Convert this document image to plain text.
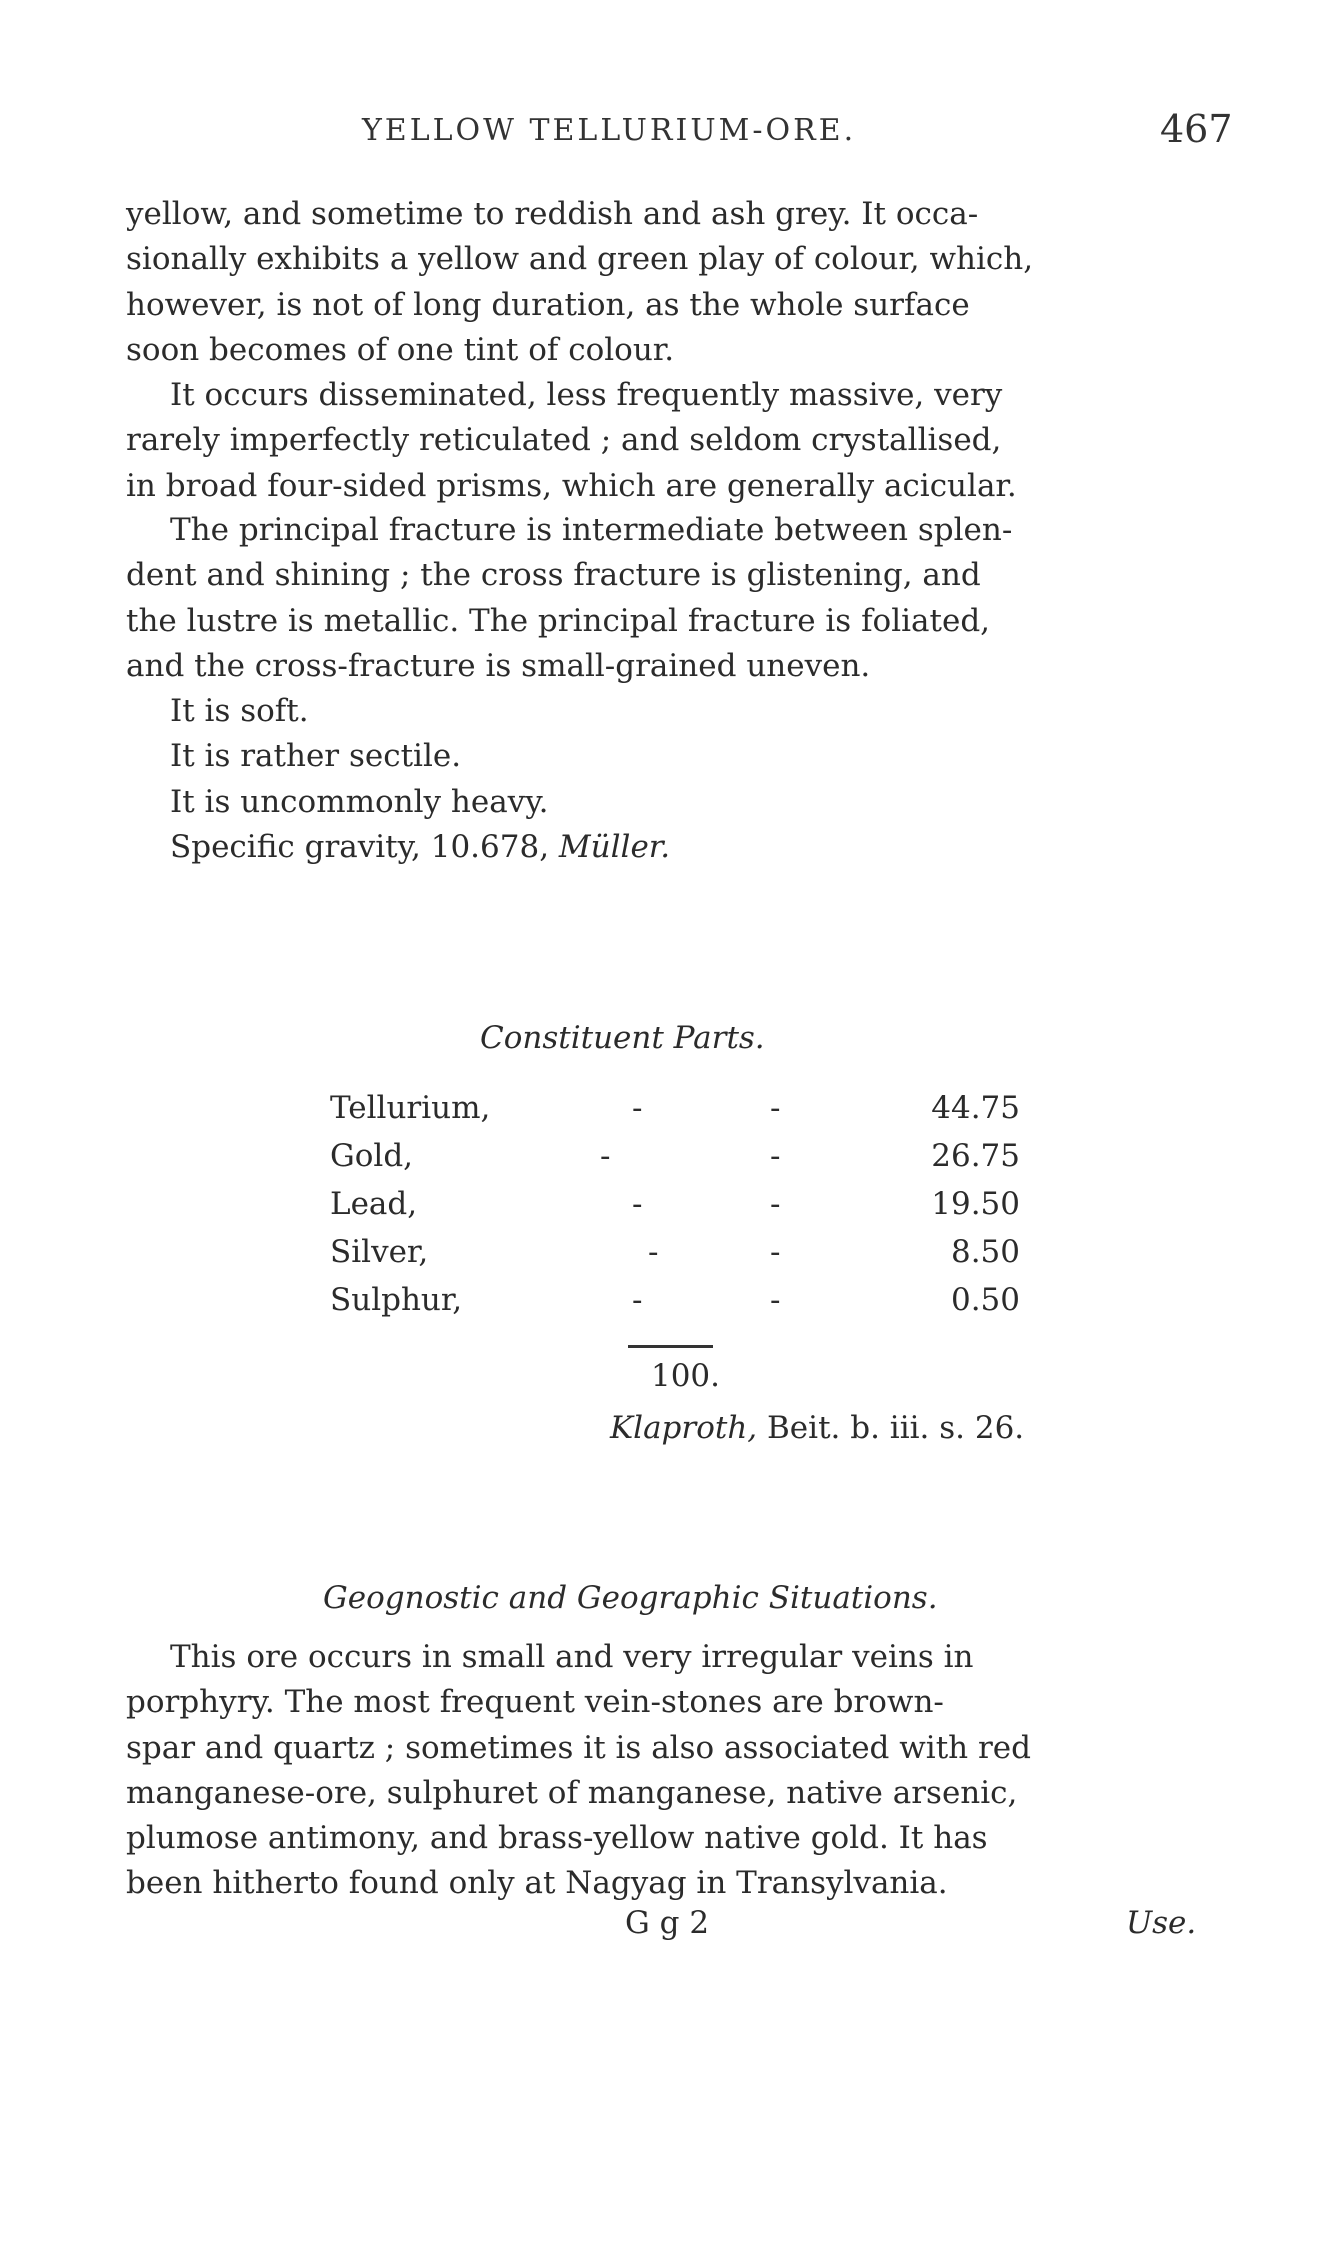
YELLOW TELLURIUM-ORE.	467
yellow, and sometime to reddish and ash grey. It occa-
sionally exhibits a yellow and green play of colour, which,
however, is not of long duration, as the whole surface
soon becomes of one tint of colour.
It occurs disseminated, less frequently massive, very
rarely imperfectly reticulated ; and seldom crystallised,
in broad four-sided prisms, which are generally acicular.
The principal fracture is intermediate between splen-
dent and shining ; the cross fracture is glistening, and
the lustre is metallic. The principal fracture is foliated,
and the cross-fracture is small-grained uneven.
It is soft.
It is rather sectile.
It is uncommonly heavy.
Specific gravity, 10.678, Müller.
Constituent Parts.
Tellurium,	-	-	44.75
Gold,	-	-	26.75
Lead,	-	-	19.50
Silver,	-	-	8.50
Sulphur,	-	-	0.50
100.
Klaproth, Beit. b. iii. s. 26.
Geognostic and Geographic Situations.
This ore occurs in small and very irregular veins in
porphyry. The most frequent vein-stones are brown-
spar and quartz ; sometimes it is also associated with red
manganese-ore, sulphuret of manganese, native arsenic,
plumose antimony, and brass-yellow native gold. It has
been hitherto found only at Nagyag in Transylvania.
G g 2	Use.
